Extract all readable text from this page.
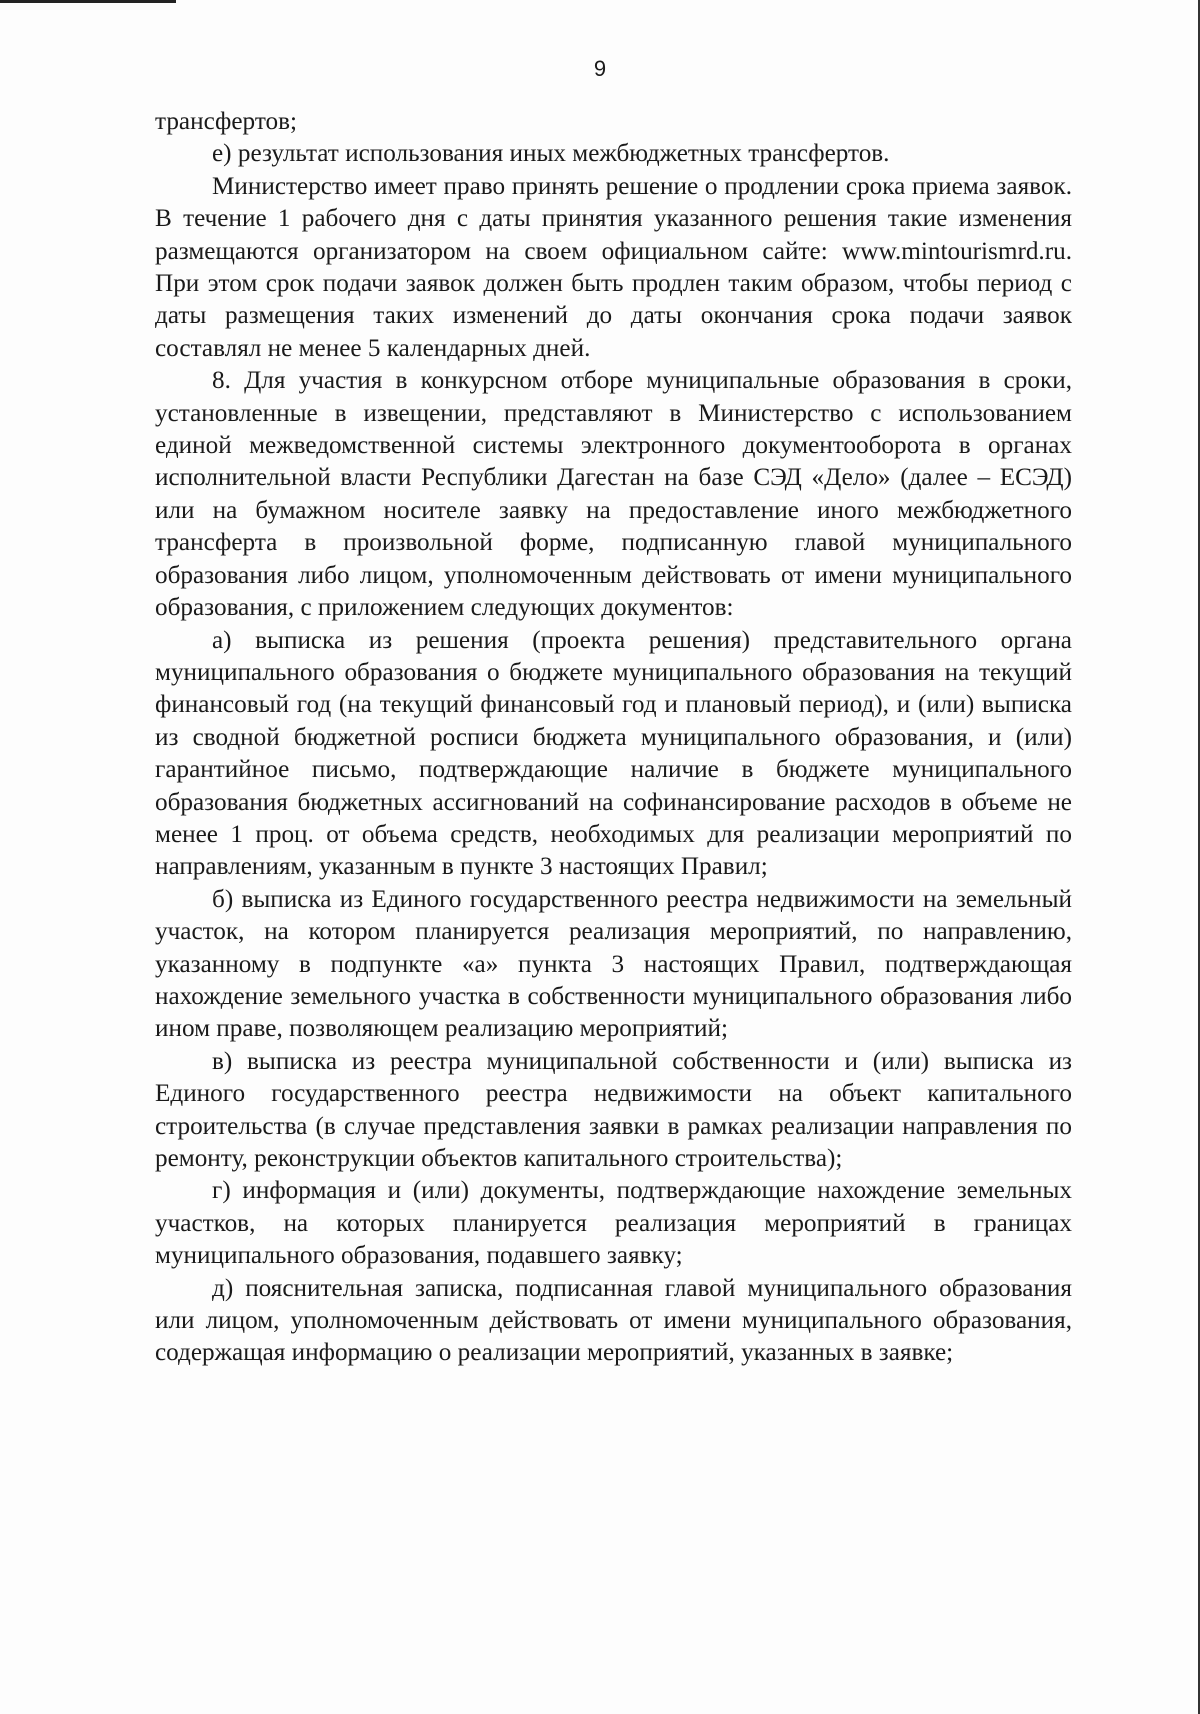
9

трансфертов;

е) результат использования иных межбюджетных трансфертов.

Министерство имеет право принять решение о продлении срока приема заявок. В течение 1 рабочего дня с даты принятия указанного решения такие изменения размещаются организатором на своем официальном сайте: www.mintourismrd.ru. При этом срок подачи заявок должен быть продлен таким образом, чтобы период с даты размещения таких изменений до даты окончания срока подачи заявок составлял не менее 5 календарных дней.

8. Для участия в конкурсном отборе муниципальные образования в сроки, установленные в извещении, представляют в Министерство с использованием единой межведомственной системы электронного документооборота в органах исполнительной власти Республики Дагестан на базе СЭД «Дело» (далее – ЕСЭД) или на бумажном носителе заявку на предоставление иного межбюджетного трансферта в произвольной форме, подписанную главой муниципального образования либо лицом, уполномоченным действовать от имени муниципального образования, с приложением следующих документов:

а) выписка из решения (проекта решения) представительного органа муниципального образования о бюджете муниципального образования на текущий финансовый год (на текущий финансовый год и плановый период), и (или) выписка из сводной бюджетной росписи бюджета муниципального образования, и (или) гарантийное письмо, подтверждающие наличие в бюджете муниципального образования бюджетных ассигнований на софинансирование расходов в объеме не менее 1 проц. от объема средств, необходимых для реализации мероприятий по направлениям, указанным в пункте 3 настоящих Правил;

б) выписка из Единого государственного реестра недвижимости на земельный участок, на котором планируется реализация мероприятий, по направлению, указанному в подпункте «а» пункта 3 настоящих Правил, подтверждающая нахождение земельного участка в собственности муниципального образования либо ином праве, позволяющем реализацию мероприятий;

в) выписка из реестра муниципальной собственности и (или) выписка из Единого государственного реестра недвижимости на объект капитального строительства (в случае представления заявки в рамках реализации направления по ремонту, реконструкции объектов капитального строительства);

г) информация и (или) документы, подтверждающие нахождение земельных участков, на которых планируется реализация мероприятий в границах муниципального образования, подавшего заявку;

д) пояснительная записка, подписанная главой муниципального образования или лицом, уполномоченным действовать от имени муниципального образования, содержащая информацию о реализации мероприятий, указанных в заявке;
